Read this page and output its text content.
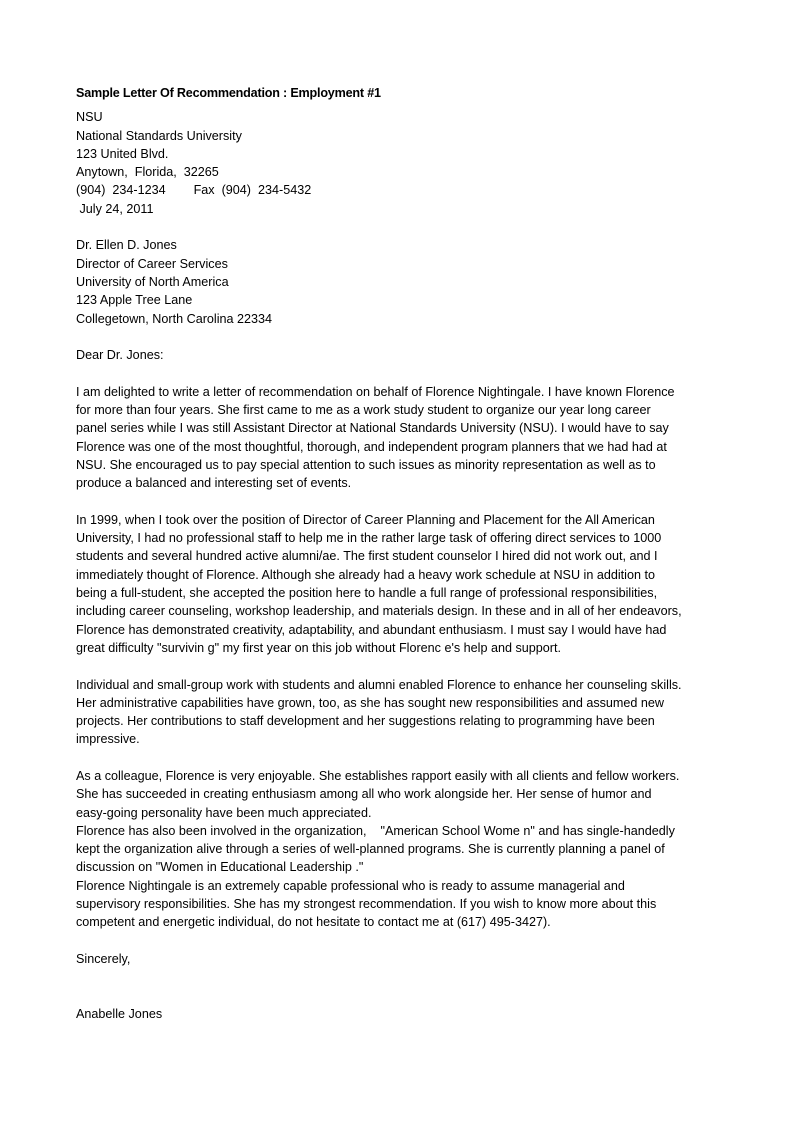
Sample Letter Of Recommendation : Employment #1
NSU
National Standards University
123 United Blvd.
Anytown,  Florida,  32265
(904)  234-1234        Fax  (904)  234-5432
July 24, 2011
Dr. Ellen D. Jones
Director of Career Services
University of North America
123 Apple Tree Lane
Collegetown, North Carolina 22334
Dear Dr. Jones:
I am delighted to write a letter of recommendation on behalf of Florence Nightingale. I have known Florence
for more than four years. She first came to me as a work study student to organize our year long career
panel series while I was still Assistant Director at National Standards University (NSU). I would have to say
Florence was one of the most thoughtful, thorough, and independent program planners that we had had at
NSU. She encouraged us to pay special attention to such issues as minority representation as well as to
produce a balanced and interesting set of events.
In 1999, when I took over the position of Director of Career Planning and Placement for the All American
University, I had no professional staff to help me in the rather large task of offering direct services to 1000
students and several hundred active alumni/ae. The first student counselor I hired did not work out, and I
immediately thought of Florence. Although she already had a heavy work schedule at NSU in addition to
being a full-student, she accepted the position here to handle a full range of professional responsibilities,
including career counseling, workshop leadership, and materials design. In these and in all of her endeavors,
Florence has demonstrated creativity, adaptability, and abundant enthusiasm. I must say I would have had
great difficulty "survivin g" my first year on this job without Florenc e's help and support.
Individual and small-group work with students and alumni enabled Florence to enhance her counseling skills.
Her administrative capabilities have grown, too, as she has sought new responsibilities and assumed new
projects. Her contributions to staff development and her suggestions relating to programming have been
impressive.
As a colleague, Florence is very enjoyable. She establishes rapport easily with all clients and fellow workers.
She has succeeded in creating enthusiasm among all who work alongside her. Her sense of humor and
easy-going personality have been much appreciated.
Florence has also been involved in the organization,    "American School Wome n" and has single-handedly
kept the organization alive through a series of well-planned programs. She is currently planning a panel of
discussion on "Women in Educational Leadership ."
Florence Nightingale is an extremely capable professional who is ready to assume managerial and
supervisory responsibilities. She has my strongest recommendation. If you wish to know more about this
competent and energetic individual, do not hesitate to contact me at (617) 495-3427).
Sincerely,
Anabelle Jones
